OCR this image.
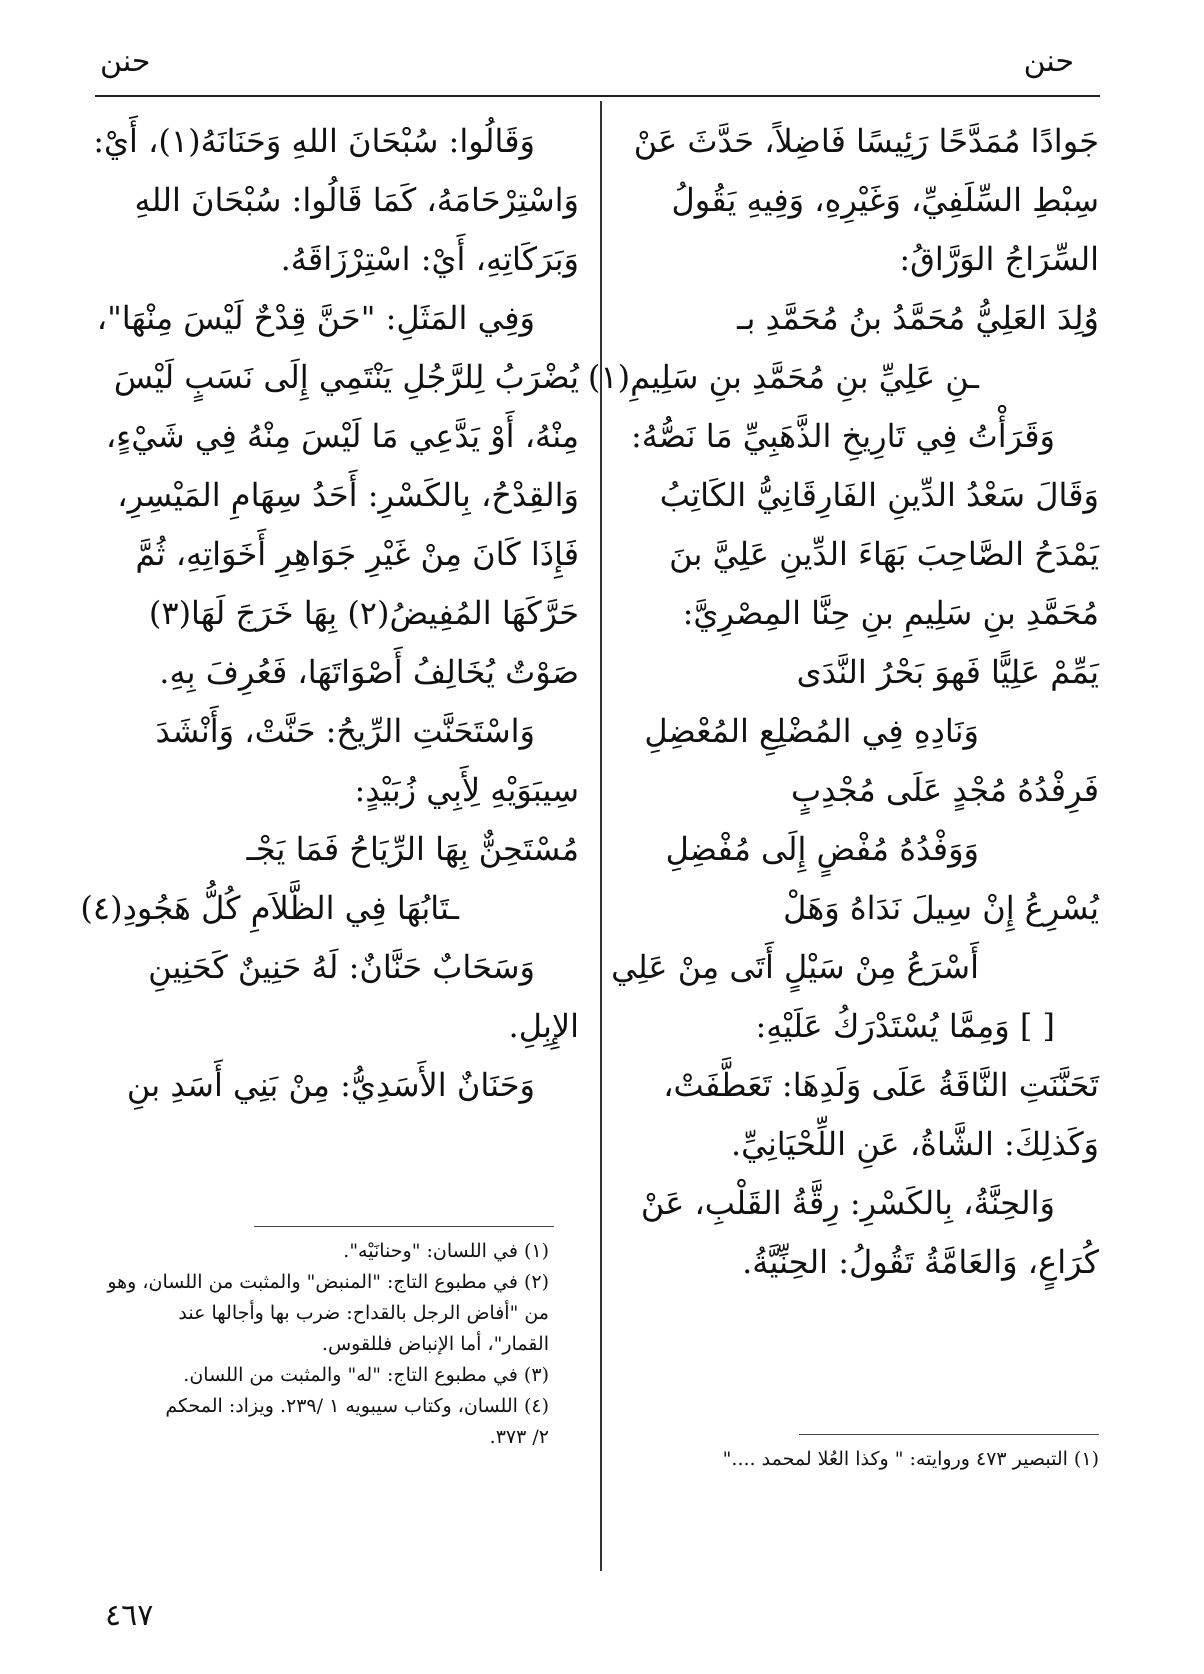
حنن
حنن
جَوادًا مُمَدَّحًا رَئِيسًا فَاضِلاً، حَدَّثَ عَنْ
سِبْطِ السِّلَفِيِّ، وَغَيْرِهِ، وَفِيهِ يَقُولُ
السِّرَاجُ الوَرَّاقُ:
وُلِدَ العَلِيُّ مُحَمَّدُ بنُ مُحَمَّدِ بـ
ـنِ عَلِيِّ بنِ مُحَمَّدِ بنِ سَلِيمِ(١)
وَقَرَأْتُ فِي تَارِيخِ الذَّهَبِيِّ مَا نَصُّهُ:
وَقَالَ سَعْدُ الدِّينِ الفَارِقَانِيُّ الكَاتِبُ
يَمْدَحُ الصَّاحِبَ بَهَاءَ الدِّينِ عَلِيَّ بنَ
مُحَمَّدِ بنِ سَلِيمِ بنِ حِنَّا المِصْرِيَّ:
يَمِّمْ عَلِيًّا فَهوَ بَحْرُ النَّدَى
وَنَادِهِ فِي المُضْلِعِ المُعْضِلِ
فَرِفْدُهُ مُجْدٍ عَلَى مُجْدِبٍ
وَوَفْدُهُ مُفْضٍ إِلَى مُفْضِلِ
يُسْرِعُ إِنْ سِيلَ نَدَاهُ وَهَلْ
أَسْرَعُ مِنْ سَيْلٍ أَتَى مِنْ عَلِي
[ ] وَمِمَّا يُسْتَدْرَكُ عَلَيْهِ:
تَحَنَّنَتِ النَّاقَةُ عَلَى وَلَدِهَا: تَعَطَّفَتْ،
وَكَذلِكَ: الشَّاةُ، عَنِ اللِّحْيَانِيِّ.
وَالحِنَّةُ، بِالكَسْرِ: رِقَّةُ القَلْبِ، عَنْ
كُرَاعٍ، وَالعَامَّةُ تَقُولُ: الحِنِّيَّةُ.
(١) التبصير ٤٧٣ وروايته: " وكذا العُلا لمحمد ...."
وَقَالُوا: سُبْحَانَ اللهِ وَحَنَانَهُ(١)، أَيْ:
وَاسْتِرْحَامَهُ، كَمَا قَالُوا: سُبْحَانَ اللهِ
وَبَرَكَاتِهِ، أَيْ: اسْتِرْزَاقَهُ.
وَفِي المَثَلِ: "حَنَّ قِدْحٌ لَيْسَ مِنْهَا"،
يُضْرَبُ لِلرَّجُلِ يَنْتَمِي إِلَى نَسَبٍ لَيْسَ
مِنْهُ، أَوْ يَدَّعِي مَا لَيْسَ مِنْهُ فِي شَيْءٍ،
وَالقِدْحُ، بِالكَسْرِ: أَحَدُ سِهَامِ المَيْسِرِ،
فَإِذَا كَانَ مِنْ غَيْرِ جَوَاهِرِ أَخَوَاتِهِ، ثُمَّ
حَرَّكَهَا المُفِيضُ(٢) بِهَا خَرَجَ لَهَا(٣)
صَوْتٌ يُخَالِفُ أَصْوَاتَهَا، فَعُرِفَ بِهِ.
وَاسْتَحَنَّتِ الرِّيحُ: حَنَّتْ، وَأَنْشَدَ
سِيبَوَيْهِ لِأَبِي زُبَيْدٍ:
مُسْتَحِنٌّ بِهَا الرِّيَاحُ فَمَا يَجْـ
ـتَابُهَا فِي الظَّلاَمِ كُلُّ هَجُودِ(٤)
وَسَحَابٌ حَنَّانٌ: لَهُ حَنِينٌ كَحَنِينِ
الإِبِلِ.
وَحَنَانٌ الأَسَدِيُّ: مِنْ بَنِي أَسَدِ بنِ
(١) في اللسان: "وحنانَيْه".
(٢) في مطبوع التاج: "المنبض" والمثبت من اللسان، وهو
من "أفاض الرجل بالقداح: ضرب بها وأجالها عند
القمار"، أما الإنباض فللقوس.
(٣) في مطبوع التاج: "له" والمثبت من اللسان.
(٤) اللسان، وكتاب سيبويه ١ /٢٣٩. ويزاد: المحكم
٢/ ٣٧٣.
٤٦٧
